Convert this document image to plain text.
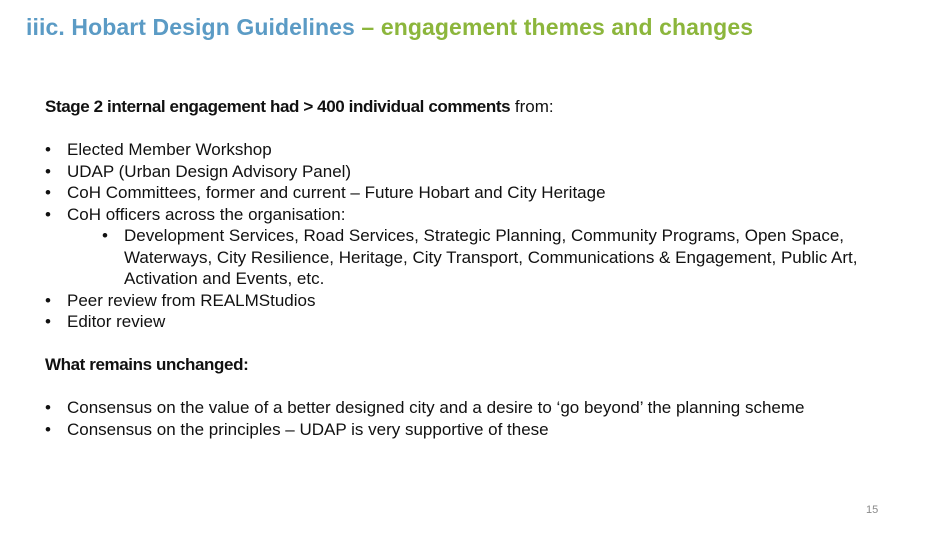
iiic. Hobart Design Guidelines – engagement themes and changes

Stage 2 internal engagement had > 400 individual comments from:

• Elected Member Workshop
• UDAP (Urban Design Advisory Panel)
• CoH Committees, former and current – Future Hobart and City Heritage
• CoH officers across the organisation:
• Development Services, Road Services, Strategic Planning, Community Programs, Open Space, Waterways, City Resilience, Heritage, City Transport, Communications & Engagement, Public Art, Activation and Events, etc.
• Peer review from REALMStudios
• Editor review
What remains unchanged:
• Consensus on the value of a better designed city and a desire to ‘go beyond’ the planning scheme
• Consensus on the principles – UDAP is very supportive of these
15
